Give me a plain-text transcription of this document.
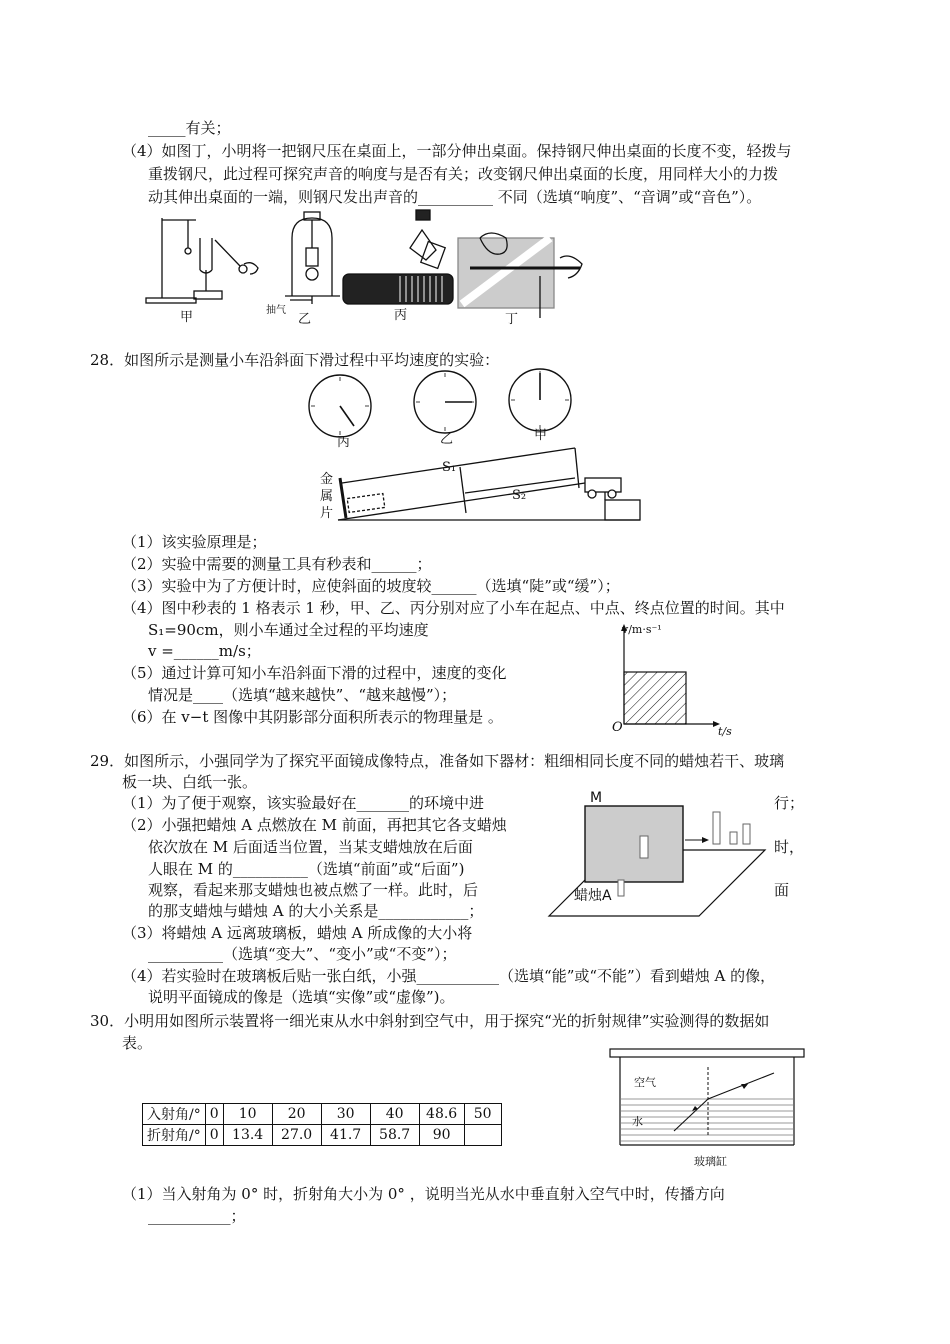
_____有关；
（4）如图丁，小明将一把钢尺压在桌面上，一部分伸出桌面。保持钢尺伸出桌面的长度不变，轻拨与
重拨钢尺，此过程可探究声音的响度与是否有关；改变钢尺伸出桌面的长度，用同样大小的力拨
动其伸出桌面的一端，则钢尺发出声音的__________ 不同（选填“响度”、“音调”或“音色”）。
甲	抽气
乙	丙	丁
28．如图所示是测量小车沿斜面下滑过程中平均速度的实验：
丙	乙	甲
S₁
S₂
金
属
片
（1）该实验原理是；
（2）实验中需要的测量工具有秒表和______；
（3）实验中为了方便计时，应使斜面的坡度较______（选填“陡”或“缓”）；
（4）图中秒表的 1 格表示 1 秒，甲、乙、丙分别对应了小车在起点、中点、终点位置的时间。其中
S₁=90cm，则小车通过全过程的平均速度
v =______m/s；
（5）通过计算可知小车沿斜面下滑的过程中，速度的变化
情况是____（选填“越来越快”、“越来越慢”）；
（6）在 v−t 图像中其阴影部分面积所表示的物理量是 。
v/m·s⁻¹
t/s
O
29．如图所示，小强同学为了探究平面镜成像特点，准备如下器材：粗细相同长度不同的蜡烛若干、玻璃
板一块、白纸一张。
（1）为了便于观察，该实验最好在_______的环境中进	行；
（2）小强把蜡烛 A 点燃放在 M 前面，再把其它各支蜡烛
依次放在 M 后面适当位置，当某支蜡烛放在后面	时，
人眼在 M 的__________（选填“前面”或“后面”)
观察，看起来那支蜡烛也被点燃了一样。此时，后	面
的那支蜡烛与蜡烛 A 的大小关系是____________；
（3）将蜡烛 A 远离玻璃板，蜡烛 A 所成像的大小将
__________（选填“变大”、“变小”或“不变”）；
（4）若实验时在玻璃板后贴一张白纸，小强___________（选填“能”或“不能”）看到蜡烛 A 的像，
说明平面镜成的像是（选填“实像”或“虚像”)。
M
蜡烛A
30．小明用如图所示装置将一细光束从水中斜射到空气中，用于探究“光的折射规律”实验测得的数据如
表。
入射角/°	0	10	20	30	40	48.6	50
折射角/°	0	13.4	27.0	41.7	58.7	90	
空气
水
玻璃缸
（1）当入射角为 0° 时，折射角大小为 0° ，说明当光从水中垂直射入空气中时，传播方向
___________；
